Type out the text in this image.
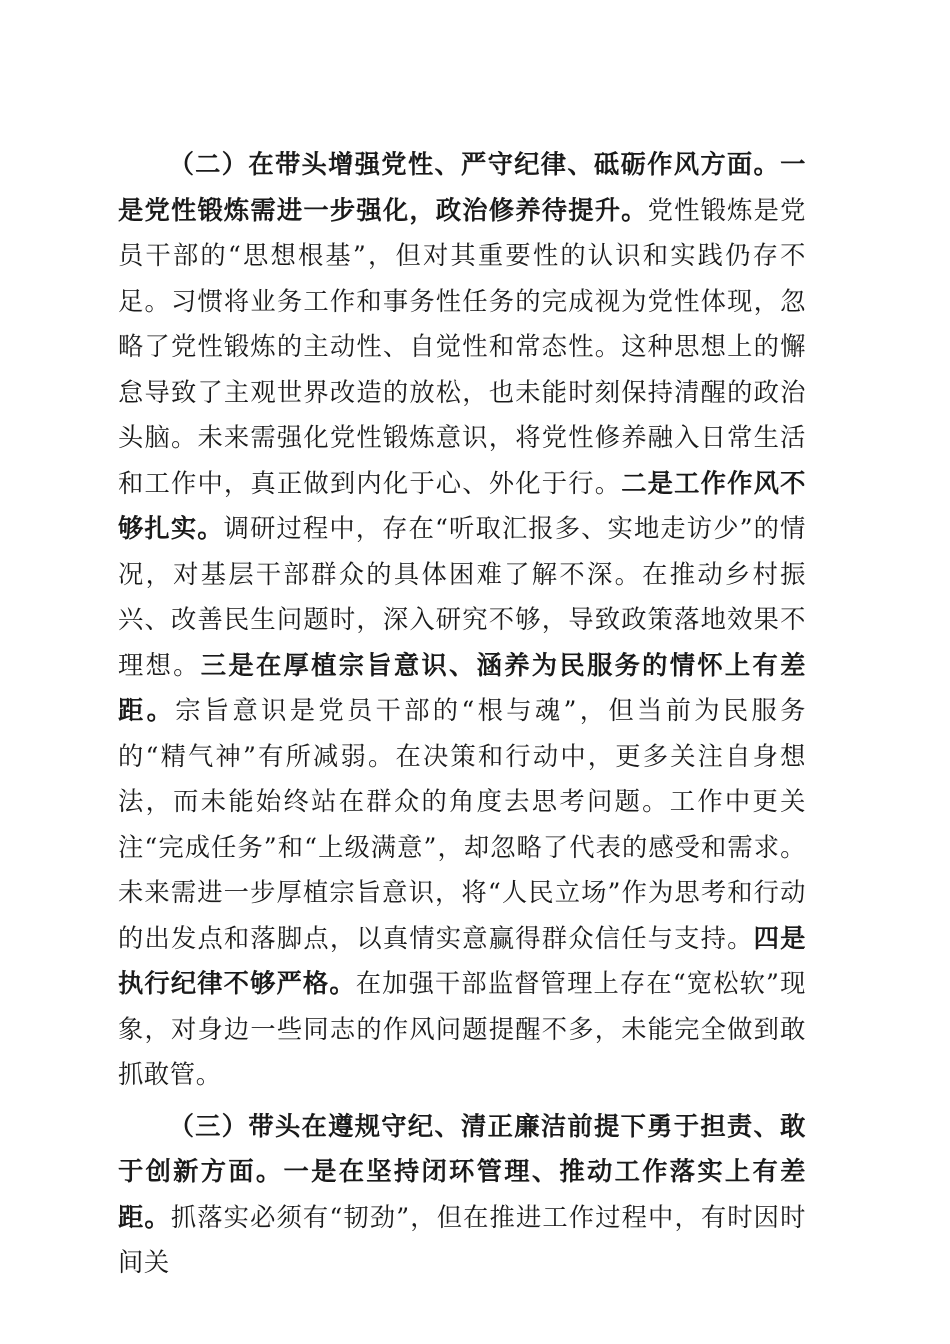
（二）在带头增强党性、严守纪律、砥砺作风方面。一是党性锻炼需进一步强化，政治修养待提升。党性锻炼是党员干部的“思想根基”，但对其重要性的认识和实践仍存不足。习惯将业务工作和事务性任务的完成视为党性体现，忽略了党性锻炼的主动性、自觉性和常态性。这种思想上的懈怠导致了主观世界改造的放松，也未能时刻保持清醒的政治头脑。未来需强化党性锻炼意识，将党性修养融入日常生活和工作中，真正做到内化于心、外化于行。二是工作作风不够扎实。调研过程中，存在“听取汇报多、实地走访少”的情况，对基层干部群众的具体困难了解不深。在推动乡村振兴、改善民生问题时，深入研究不够，导致政策落地效果不理想。三是在厚植宗旨意识、涵养为民服务的情怀上有差距。宗旨意识是党员干部的“根与魂”，但当前为民服务的“精气神”有所减弱。在决策和行动中，更多关注自身想法，而未能始终站在群众的角度去思考问题。工作中更关注“完成任务”和“上级满意”，却忽略了代表的感受和需求。未来需进一步厚植宗旨意识，将“人民立场”作为思考和行动的出发点和落脚点，以真情实意赢得群众信任与支持。四是执行纪律不够严格。在加强干部监督管理上存在“宽松软”现象，对身边一些同志的作风问题提醒不多，未能完全做到敢抓敢管。

（三）带头在遵规守纪、清正廉洁前提下勇于担责、敢于创新方面。一是在坚持闭环管理、推动工作落实上有差距。抓落实必须有“韧劲”，但在推进工作过程中，有时因时间关
